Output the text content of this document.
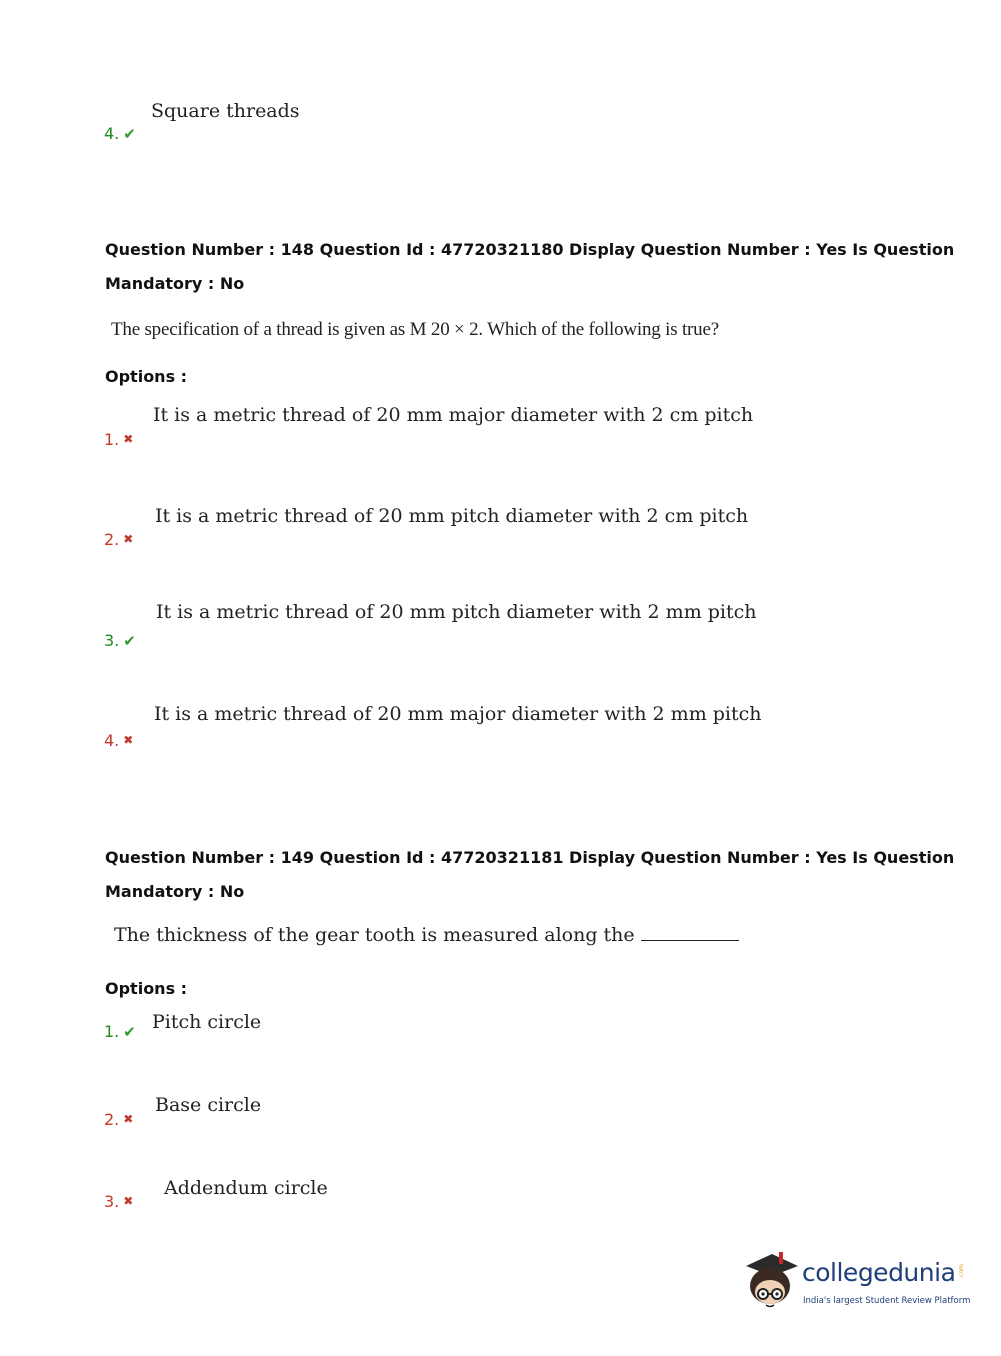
4. ✔
Square threads
Question Number : 148 Question Id : 47720321180 Display Question Number : Yes Is Question
Mandatory : No
The specification of a thread is given as M 20 × 2. Which of the following is true?
Options :
1. ✖
It is a metric thread of 20 mm major diameter with 2 cm pitch
2. ✖
It is a metric thread of 20 mm pitch diameter with 2 cm pitch
3. ✔
It is a metric thread of 20 mm pitch diameter with 2 mm pitch
4. ✖
It is a metric thread of 20 mm major diameter with 2 mm pitch
Question Number : 149 Question Id : 47720321181 Display Question Number : Yes Is Question
Mandatory : No
The thickness of the gear tooth is measured along the
Options :
1. ✔ Pitch circle
2. ✖
Base circle
3. ✖
Addendum circle
collegedunia .com
India's largest Student Review Platform
